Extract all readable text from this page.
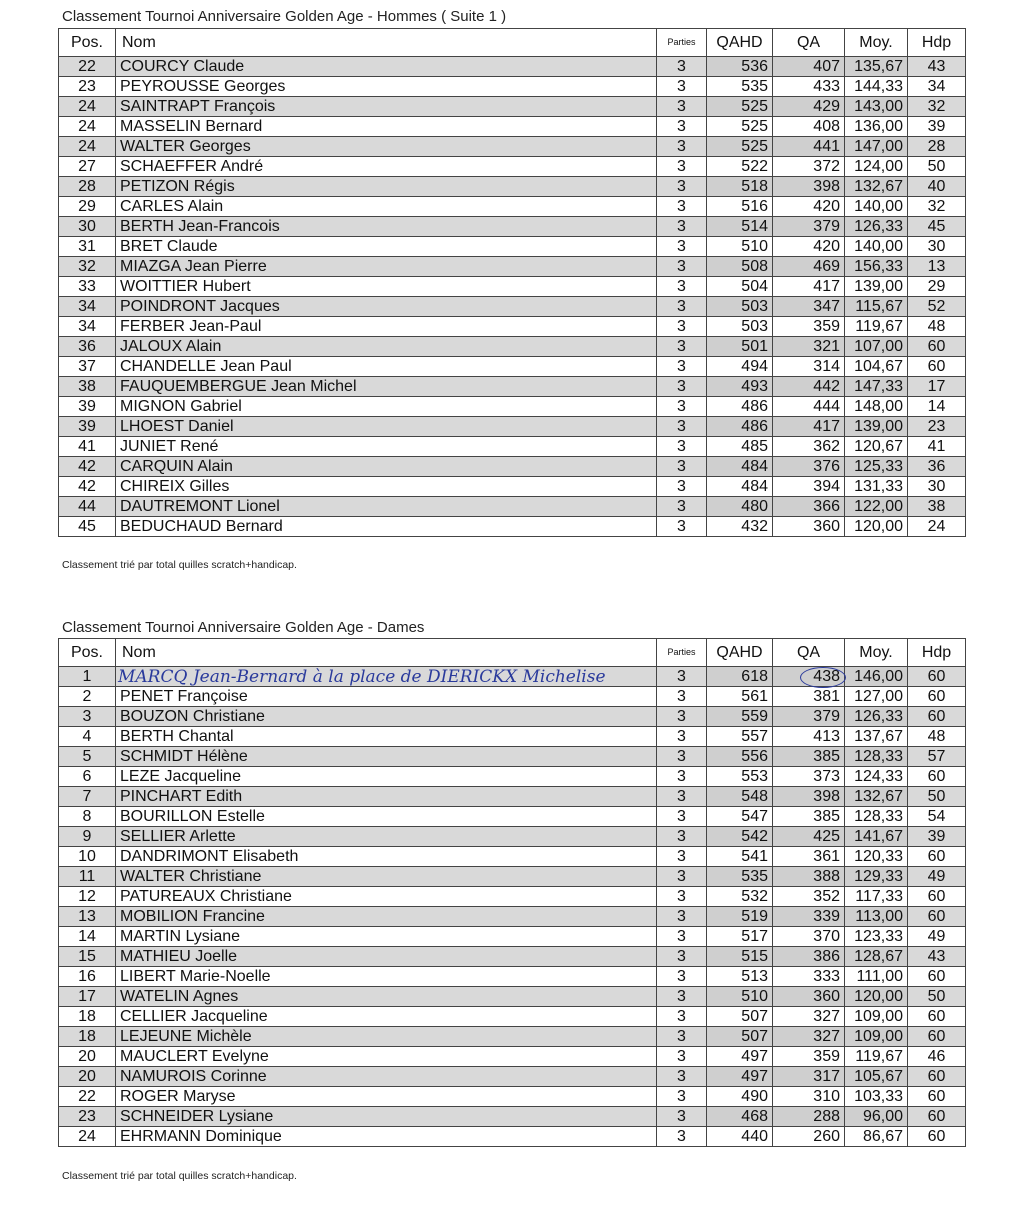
Classement Tournoi Anniversaire Golden Age - Hommes ( Suite 1 )
Pos.	Nom	Parties	QAHD	QA	Moy.	Hdp
22	COURCY Claude	3	536	407	135,67	43
23	PEYROUSSE Georges	3	535	433	144,33	34
24	SAINTRAPT François	3	525	429	143,00	32
24	MASSELIN Bernard	3	525	408	136,00	39
24	WALTER Georges	3	525	441	147,00	28
27	SCHAEFFER André	3	522	372	124,00	50
28	PETIZON Régis	3	518	398	132,67	40
29	CARLES Alain	3	516	420	140,00	32
30	BERTH Jean-Francois	3	514	379	126,33	45
31	BRET Claude	3	510	420	140,00	30
32	MIAZGA Jean Pierre	3	508	469	156,33	13
33	WOITTIER Hubert	3	504	417	139,00	29
34	POINDRONT Jacques	3	503	347	115,67	52
34	FERBER Jean-Paul	3	503	359	119,67	48
36	JALOUX Alain	3	501	321	107,00	60
37	CHANDELLE Jean Paul	3	494	314	104,67	60
38	FAUQUEMBERGUE Jean Michel	3	493	442	147,33	17
39	MIGNON Gabriel	3	486	444	148,00	14
39	LHOEST Daniel	3	486	417	139,00	23
41	JUNIET René	3	485	362	120,67	41
42	CARQUIN Alain	3	484	376	125,33	36
42	CHIREIX Gilles	3	484	394	131,33	30
44	DAUTREMONT Lionel	3	480	366	122,00	38
45	BEDUCHAUD Bernard	3	432	360	120,00	24
Classement trié par total quilles scratch+handicap.
Classement Tournoi Anniversaire Golden Age - Dames
Pos.	Nom	Parties	QAHD	QA	Moy.	Hdp
1		3	618	438	146,00	60
2	PENET Françoise	3	561	381	127,00	60
3	BOUZON Christiane	3	559	379	126,33	60
4	BERTH Chantal	3	557	413	137,67	48
5	SCHMIDT Hélène	3	556	385	128,33	57
6	LEZE Jacqueline	3	553	373	124,33	60
7	PINCHART Edith	3	548	398	132,67	50
8	BOURILLON Estelle	3	547	385	128,33	54
9	SELLIER Arlette	3	542	425	141,67	39
10	DANDRIMONT Elisabeth	3	541	361	120,33	60
11	WALTER Christiane	3	535	388	129,33	49
12	PATUREAUX Christiane	3	532	352	117,33	60
13	MOBILION Francine	3	519	339	113,00	60
14	MARTIN Lysiane	3	517	370	123,33	49
15	MATHIEU Joelle	3	515	386	128,67	43
16	LIBERT Marie-Noelle	3	513	333	111,00	60
17	WATELIN Agnes	3	510	360	120,00	50
18	CELLIER Jacqueline	3	507	327	109,00	60
18	LEJEUNE Michèle	3	507	327	109,00	60
20	MAUCLERT Evelyne	3	497	359	119,67	46
20	NAMUROIS Corinne	3	497	317	105,67	60
22	ROGER Maryse	3	490	310	103,33	60
23	SCHNEIDER Lysiane	3	468	288	96,00	60
24	EHRMANN Dominique	3	440	260	86,67	60
Classement trié par total quilles scratch+handicap.
MARCQ Jean-Bernard à la place de DIERICKX Michelise
